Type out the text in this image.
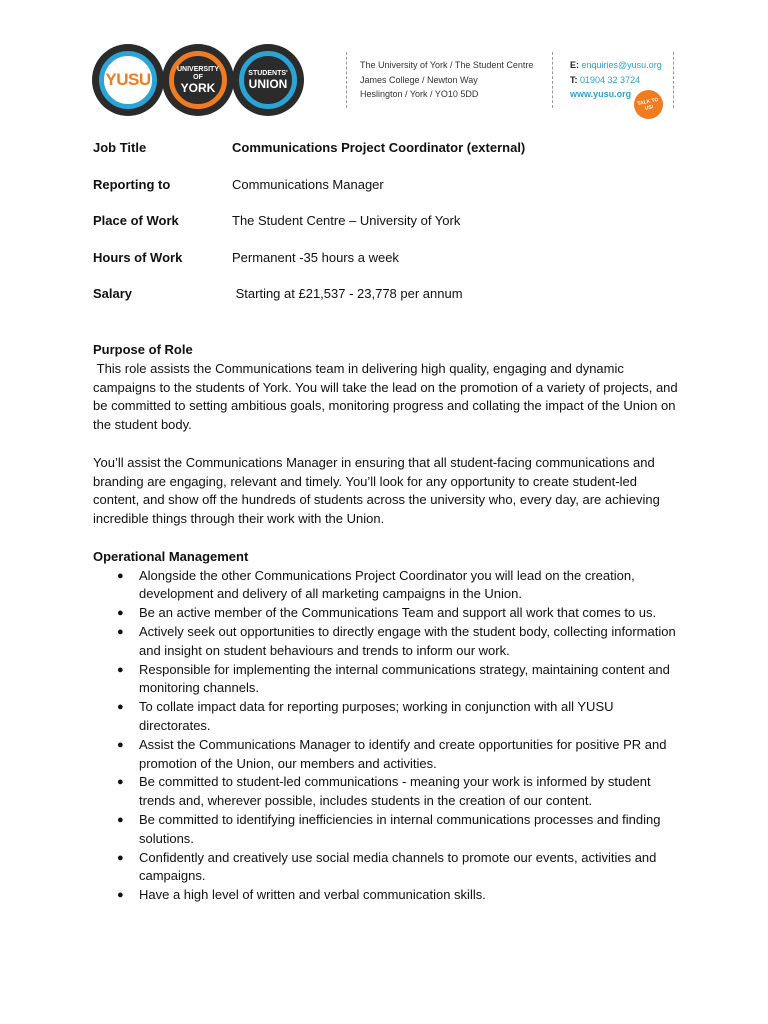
YUSU
UNIVERSITY
OF
YORK
STUDENTS'
UNION
The University of York / The Student Centre
James College / Newton Way
Heslington / York / YO10 5DD
E: enquiries@yusu.org
T: 01904 32 3724
www.yusu.org
TALK TO US!
Job Title	Communications Project Coordinator (external)
Reporting to	Communications Manager
Place of Work	The Student Centre – University of York
Hours of Work	Permanent -35 hours a week
Salary	Starting at £21,537 - 23,778 per annum

Purpose of Role

This role assists the Communications team in delivering high quality, engaging and dynamic campaigns to the students of York. You will take the lead on the promotion of a variety of projects, and be committed to setting ambitious goals, monitoring progress and collating the impact of the Union on the student body.

You’ll assist the Communications Manager in ensuring that all student-facing communications and branding are engaging, relevant and timely. You’ll look for any opportunity to create student-led content, and show off the hundreds of students across the university who, every day, are achieving incredible things through their work with the Union.

Operational Management

● Alongside the other Communications Project Coordinator you will lead on the creation, development and delivery of all marketing campaigns in the Union.
● Be an active member of the Communications Team and support all work that comes to us.
● Actively seek out opportunities to directly engage with the student body, collecting information and insight on student behaviours and trends to inform our work.
● Responsible for implementing the internal communications strategy, maintaining content and monitoring channels.
● To collate impact data for reporting purposes; working in conjunction with all YUSU directorates.
● Assist the Communications Manager to identify and create opportunities for positive PR and promotion of the Union, our members and activities.
● Be committed to student-led communications - meaning your work is informed by student trends and, wherever possible, includes students in the creation of our content.
● Be committed to identifying inefficiencies in internal communications processes and finding solutions.
● Confidently and creatively use social media channels to promote our events, activities and campaigns.
● Have a high level of written and verbal communication skills.
